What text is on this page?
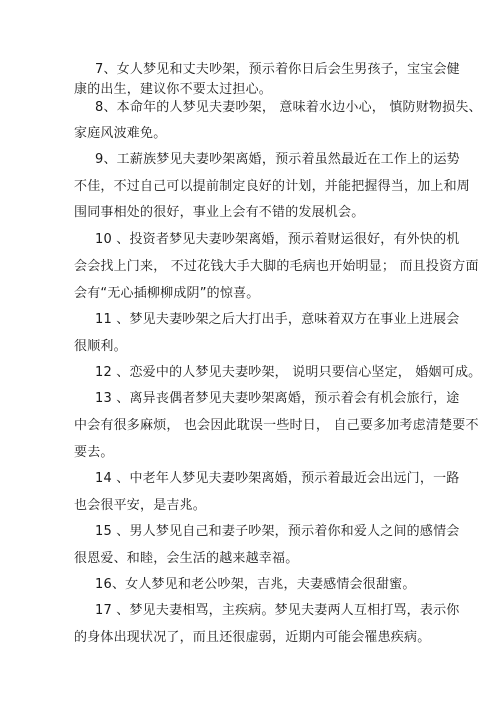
7、女人梦见和丈夫吵架，预示着你日后会生男孩子，宝宝会健
康的出生，建议你不要太过担心。
8、本命年的人梦见夫妻吵架， 意味着水边小心， 慎防财物损失、
家庭风波难免。
9、工薪族梦见夫妻吵架离婚，预示着虽然最近在工作上的运势
不佳，不过自己可以提前制定良好的计划，并能把握得当，加上和周
围同事相处的很好，事业上会有不错的发展机会。
10 、投资者梦见夫妻吵架离婚，预示着财运很好，有外快的机
会会找上门来， 不过花钱大手大脚的毛病也开始明显； 而且投资方面
会有“无心插柳柳成阴”的惊喜。
11 、梦见夫妻吵架之后大打出手，意味着双方在事业上进展会
很顺利。
12 、恋爱中的人梦见夫妻吵架， 说明只要信心坚定， 婚姻可成。
13 、离异丧偶者梦见夫妻吵架离婚，预示着会有机会旅行，途
中会有很多麻烦， 也会因此耽误一些时日， 自己要多加考虑清楚要不
要去。
14 、中老年人梦见夫妻吵架离婚，预示着最近会出远门，一路
也会很平安，是吉兆。
15 、男人梦见自己和妻子吵架，预示着你和爱人之间的感情会
很恩爱、和睦，会生活的越来越幸福。
16、女人梦见和老公吵架，吉兆，夫妻感情会很甜蜜。
17 、梦见夫妻相骂，主疾病。梦见夫妻两人互相打骂，表示你
的身体出现状况了，而且还很虚弱，近期内可能会罹患疾病。
